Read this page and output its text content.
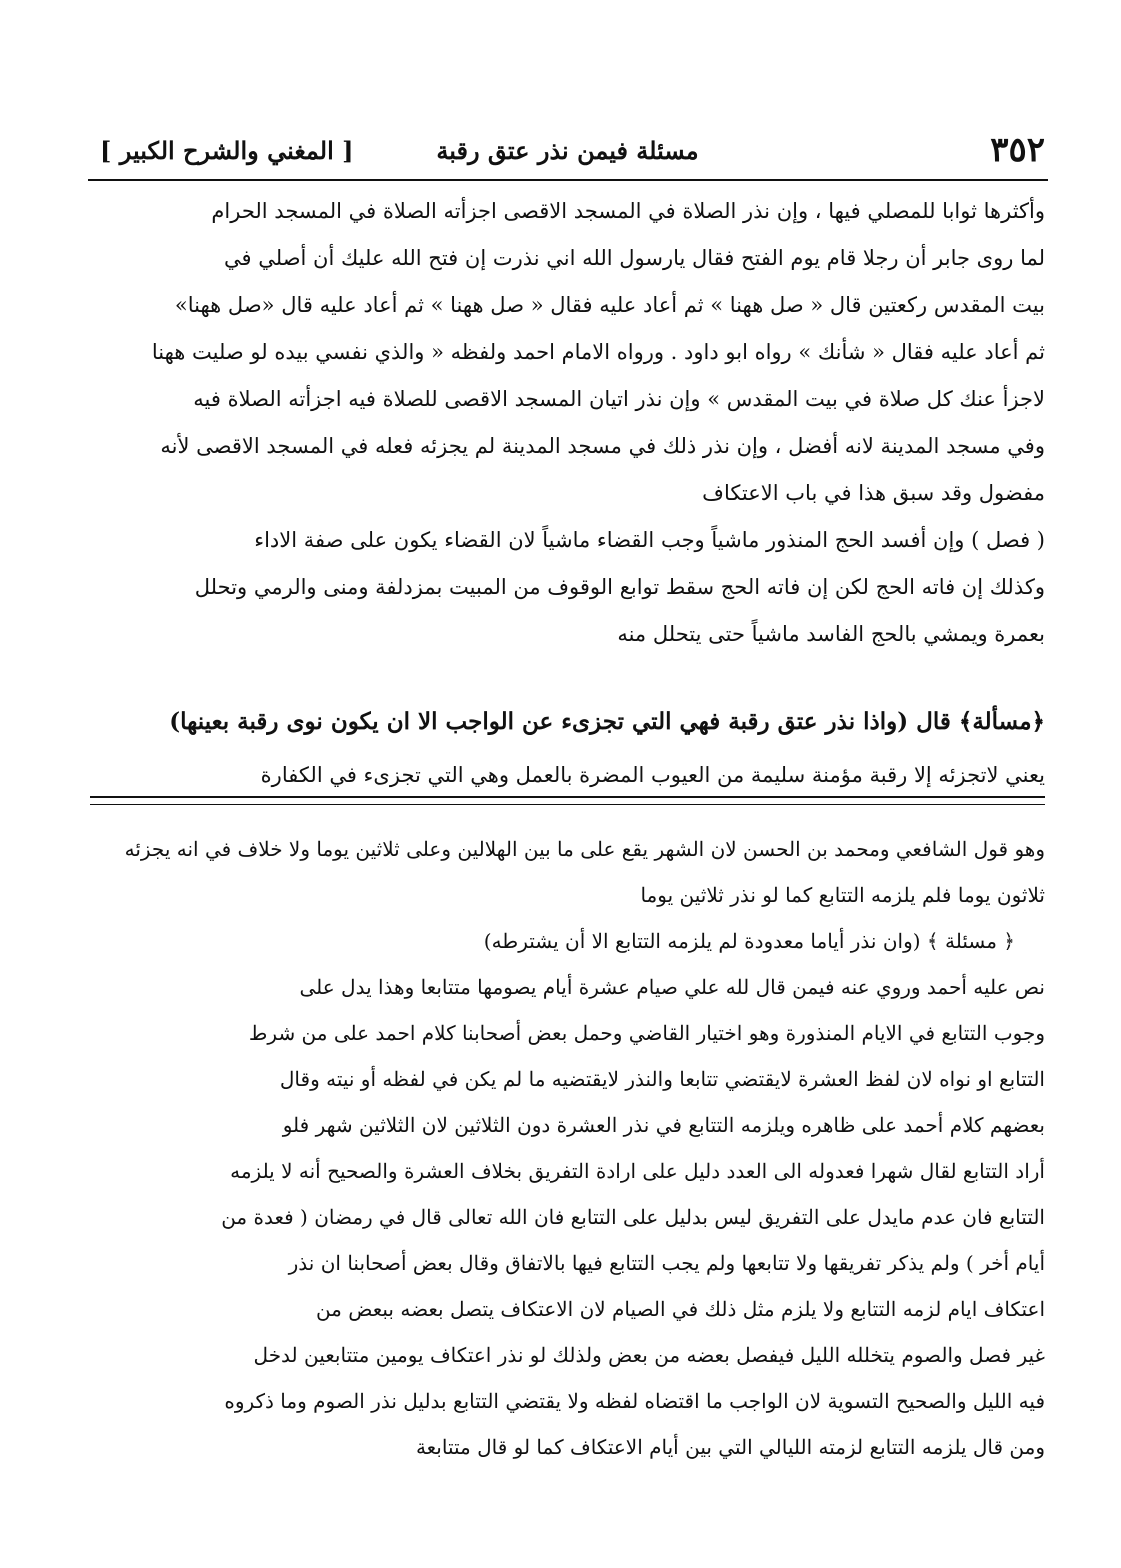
٣٥٢
مسئلة فيمن نذر عتق رقبة
[ المغني والشرح الكبير ]

وأكثرها ثوابا للمصلي فيها ، وإن نذر الصلاة في المسجد الاقصى اجزأته الصلاة في المسجد الحرام

لما روى جابر أن رجلا قام يوم الفتح فقال يارسول الله اني نذرت إن فتح الله عليك أن أصلي في

بيت المقدس ركعتين قال « صل ههنا » ثم أعاد عليه فقال « صل ههنا » ثم أعاد عليه قال «صل ههنا»

ثم أعاد عليه فقال « شأنك » رواه ابو داود . ورواه الامام احمد ولفظه « والذي نفسي بيده لو صليت ههنا

لاجزأ عنك كل صلاة في بيت المقدس » وإن نذر اتيان المسجد الاقصى للصلاة فيه اجزأته الصلاة فيه

وفي مسجد المدينة لانه أفضل ، وإن نذر ذلك في مسجد المدينة لم يجزئه فعله في المسجد الاقصى لأنه

مفضول وقد سبق هذا في باب الاعتكاف

( فصل ) وإن أفسد الحج المنذور ماشياً وجب القضاء ماشياً لان القضاء يكون على صفة الاداء

وكذلك إن فاته الحج لكن إن فاته الحج سقط توابع الوقوف من المبيت بمزدلفة ومنى والرمي وتحلل

بعمرة ويمشي بالحج الفاسد ماشياً حتى يتحلل منه

﴿مسألة﴾ قال (واذا نذر عتق رقبة فهي التي تجزىء عن الواجب الا ان يكون نوى رقبة بعينها)

يعني لاتجزئه إلا رقبة مؤمنة سليمة من العيوب المضرة بالعمل وهي التي تجزىء في الكفارة

وهو قول الشافعي ومحمد بن الحسن لان الشهر يقع على ما بين الهلالين وعلى ثلاثين يوما ولا خلاف في انه يجزئه

ثلاثون يوما فلم يلزمه التتابع كما لو نذر ثلاثين يوما

﴿ مسئلة ﴾ (وان نذر أياما معدودة لم يلزمه التتابع الا أن يشترطه)

نص عليه أحمد وروي عنه فيمن قال لله علي صيام عشرة أيام يصومها متتابعا وهذا يدل على

وجوب التتابع في الايام المنذورة وهو اختيار القاضي وحمل بعض أصحابنا كلام احمد على من شرط

التتابع او نواه لان لفظ العشرة لايقتضي تتابعا والنذر لايقتضيه ما لم يكن في لفظه أو نيته وقال

بعضهم كلام أحمد على ظاهره ويلزمه التتابع في نذر العشرة دون الثلاثين لان الثلاثين شهر فلو

أراد التتابع لقال شهرا فعدوله الى العدد دليل على ارادة التفريق بخلاف العشرة والصحيح أنه لا يلزمه

التتابع فان عدم مايدل على التفريق ليس بدليل على التتابع فان الله تعالى قال في رمضان ( فعدة من

أيام أخر ) ولم يذكر تفريقها ولا تتابعها ولم يجب التتابع فيها بالاتفاق وقال بعض أصحابنا ان نذر

اعتكاف ايام لزمه التتابع ولا يلزم مثل ذلك في الصيام لان الاعتكاف يتصل بعضه ببعض من

غير فصل والصوم يتخلله الليل فيفصل بعضه من بعض ولذلك لو نذر اعتكاف يومين متتابعين لدخل

فيه الليل والصحيح التسوية لان الواجب ما اقتضاه لفظه ولا يقتضي التتابع بدليل نذر الصوم وما ذكروه

ومن قال يلزمه التتابع لزمته الليالي التي بين أيام الاعتكاف كما لو قال متتابعة
